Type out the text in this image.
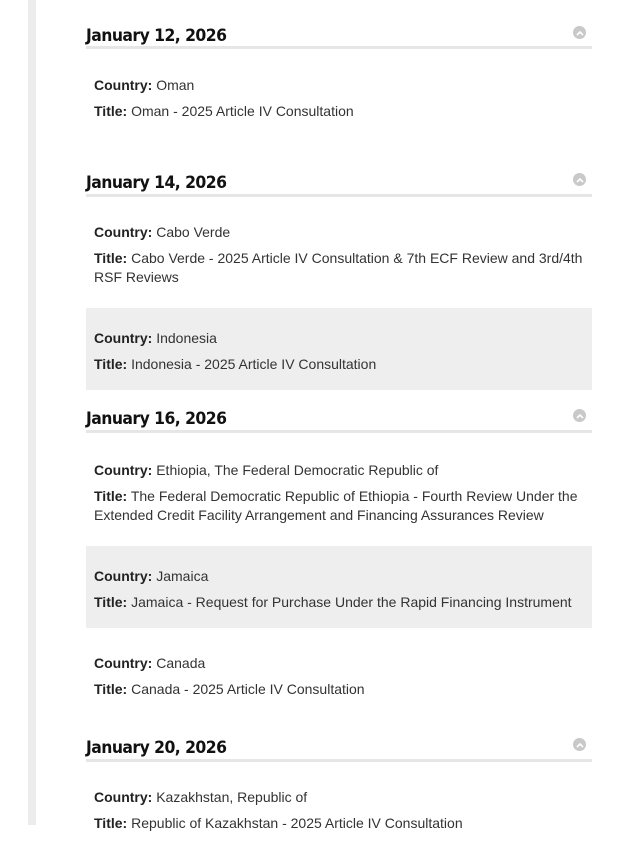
January 12, 2026

Country: Oman

Title: Oman - 2025 Article IV Consultation

January 14, 2026

Country: Cabo Verde

Title: Cabo Verde - 2025 Article IV Consultation & 7th ECF Review and 3rd/4th RSF Reviews

Country: Indonesia

Title: Indonesia - 2025 Article IV Consultation

January 16, 2026

Country: Ethiopia, The Federal Democratic Republic of

Title: The Federal Democratic Republic of Ethiopia - Fourth Review Under the Extended Credit Facility Arrangement and Financing Assurances Review

Country: Jamaica

Title: Jamaica - Request for Purchase Under the Rapid Financing Instrument

Country: Canada

Title: Canada - 2025 Article IV Consultation

January 20, 2026

Country: Kazakhstan, Republic of

Title: Republic of Kazakhstan - 2025 Article IV Consultation
